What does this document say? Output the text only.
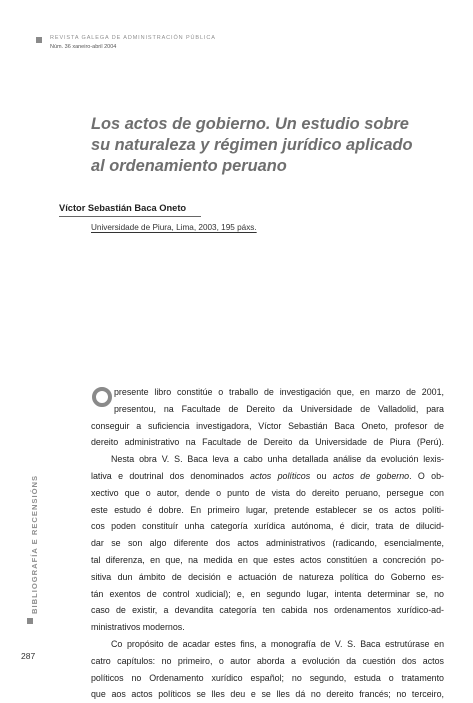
REVISTA GALEGA DE ADMINISTRACIÓN PÚBLICA
Núm. 36 xaneiro-abril 2004
Los actos de gobierno. Un estudio sobre su naturaleza y régimen jurídico aplicado al ordenamiento peruano
Víctor Sebastián Baca Oneto
Universidade de Piura, Lima, 2003, 195 páxs.
presente libro constitúe o traballo de investigación que, en marzo de 2001,
presentou, na Facultade de Dereito da Universidade de Valladolid, para
conseguir a suficiencia investigadora, Víctor Sebastián Baca Oneto, profesor de
dereito administrativo na Facultade de Dereito da Universidade de Piura (Perú).
Nesta obra V. S. Baca leva a cabo unha detallada análise da evolución lexis-
lativa e doutrinal dos denominados actos políticos ou actos de goberno. O ob-
xectivo que o autor, dende o punto de vista do dereito peruano, persegue con
este estudo é dobre. En primeiro lugar, pretende establecer se os actos políti-
cos poden constituír unha categoría xurídica autónoma, é dicir, trata de dilucid-
dar se son algo diferente dos actos administrativos (radicando, esencialmente,
tal diferenza, en que, na medida en que estes actos constitúen a concreción po-
sitiva dun ámbito de decisión e actuación de natureza política do Goberno es-
tán exentos de control xudicial); e, en segundo lugar, intenta determinar se, no
caso de existir, a devandita categoría ten cabida nos ordenamentos xurídico-ad-
ministrativos modernos.
Co propósito de acadar estes fins, a monografía de V. S. Baca estrutúrase en
catro capítulos: no primeiro, o autor aborda a evolución da cuestión dos actos
políticos no Ordenamento xurídico español; no segundo, estuda o tratamento
que aos actos políticos se lles deu e se lles dá no dereito francés; no terceiro,
BIBLIOGRAFÍA E RECENSIÓNS
287
